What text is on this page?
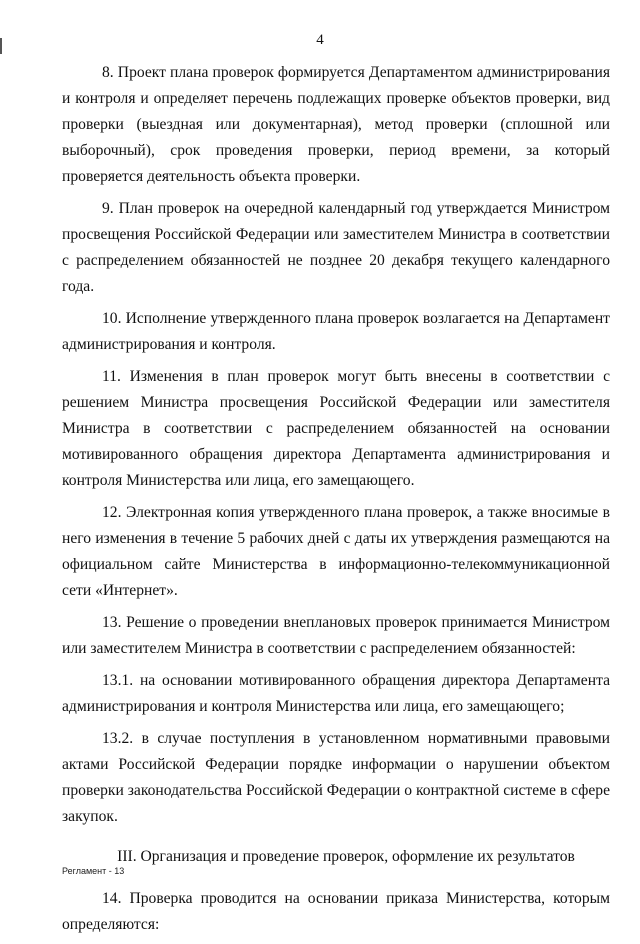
4

8. Проект плана проверок формируется Департаментом администрирования и контроля и определяет перечень подлежащих проверке объектов проверки, вид проверки (выездная или документарная), метод проверки (сплошной или выборочный), срок проведения проверки, период времени, за который проверяется деятельность объекта проверки.

9. План проверок на очередной календарный год утверждается Министром просвещения Российской Федерации или заместителем Министра в соответствии с распределением обязанностей не позднее 20 декабря текущего календарного года.

10. Исполнение утвержденного плана проверок возлагается на Департамент администрирования и контроля.

11. Изменения в план проверок могут быть внесены в соответствии с решением Министра просвещения Российской Федерации или заместителя Министра в соответствии с распределением обязанностей на основании мотивированного обращения директора Департамента администрирования и контроля Министерства или лица, его замещающего.

12. Электронная копия утвержденного плана проверок, а также вносимые в него изменения в течение 5 рабочих дней с даты их утверждения размещаются на официальном сайте Министерства в информационно-телекоммуникационной сети «Интернет».

13. Решение о проведении внеплановых проверок принимается Министром или заместителем Министра в соответствии с распределением обязанностей:

13.1. на основании мотивированного обращения директора Департамента администрирования и контроля Министерства или лица, его замещающего;

13.2. в случае поступления в установленном нормативными правовыми актами Российской Федерации порядке информации о нарушении объектом проверки законодательства Российской Федерации о контрактной системе в сфере закупок.

III. Организация и проведение проверок, оформление их результатов

14. Проверка проводится на основании приказа Министерства, которым определяются:

Регламент - 13
